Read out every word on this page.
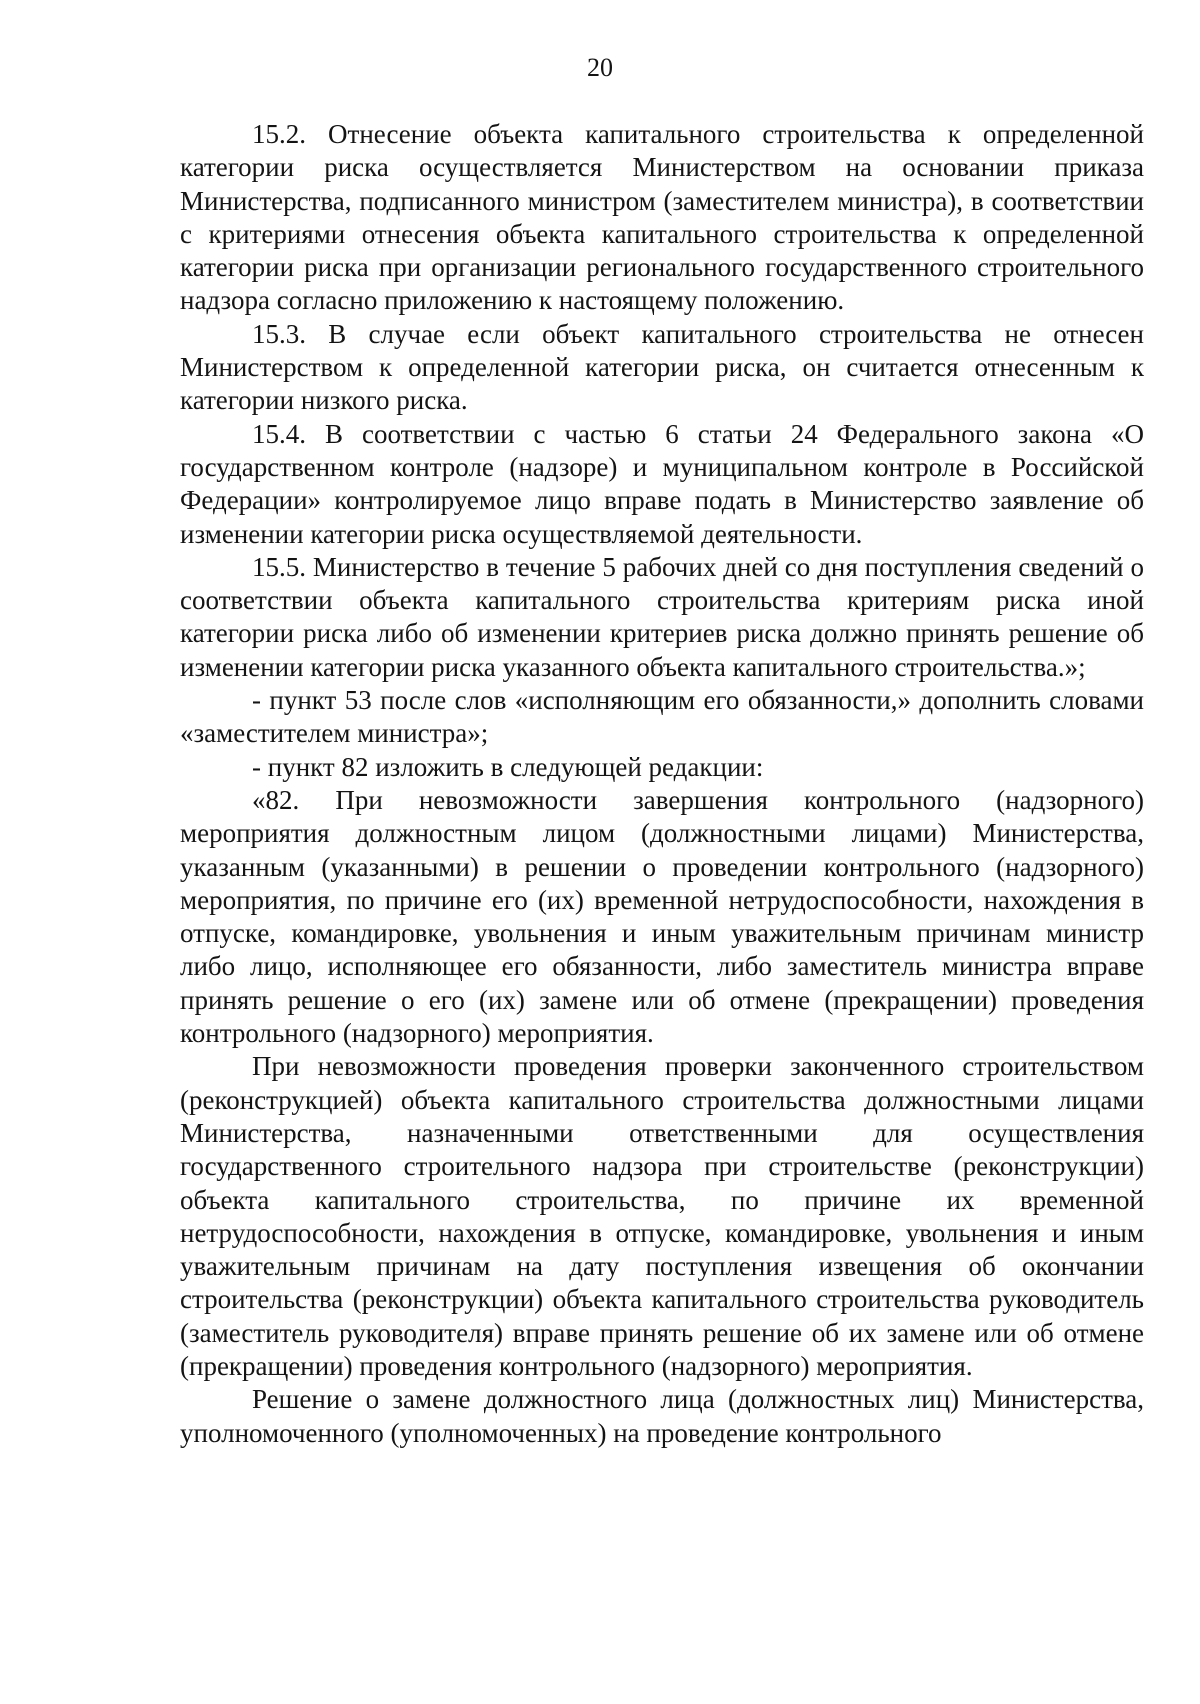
20

15.2. Отнесение объекта капитального строительства к определенной категории риска осуществляется Министерством на основании приказа Министерства, подписанного министром (заместителем министра), в соответствии с критериями отнесения объекта капитального строительства к определенной категории риска при организации регионального государственного строительного надзора согласно приложению к настоящему положению.

15.3. В случае если объект капитального строительства не отнесен Министерством к определенной категории риска, он считается отнесенным к категории низкого риска.

15.4. В соответствии с частью 6 статьи 24 Федерального закона «О государственном контроле (надзоре) и муниципальном контроле в Российской Федерации» контролируемое лицо вправе подать в Министерство заявление об изменении категории риска осуществляемой деятельности.

15.5. Министерство в течение 5 рабочих дней со дня поступления сведений о соответствии объекта капитального строительства критериям риска иной категории риска либо об изменении критериев риска должно принять решение об изменении категории риска указанного объекта капитального строительства.»;

- пункт 53 после слов «исполняющим его обязанности,» дополнить словами «заместителем министра»;

- пункт 82 изложить в следующей редакции:

«82. При невозможности завершения контрольного (надзорного) мероприятия должностным лицом (должностными лицами) Министерства, указанным (указанными) в решении о проведении контрольного (надзорного) мероприятия, по причине его (их) временной нетрудоспособности, нахождения в отпуске, командировке, увольнения и иным уважительным причинам министр либо лицо, исполняющее его обязанности, либо заместитель министра вправе принять решение о его (их) замене или об отмене (прекращении) проведения контрольного (надзорного) мероприятия.

При невозможности проведения проверки законченного строительством (реконструкцией) объекта капитального строительства должностными лицами Министерства, назначенными ответственными для осуществления государственного строительного надзора при строительстве (реконструкции) объекта капитального строительства, по причине их временной нетрудоспособности, нахождения в отпуске, командировке, увольнения и иным уважительным причинам на дату поступления извещения об окончании строительства (реконструкции) объекта капитального строительства руководитель (заместитель руководителя) вправе принять решение об их замене или об отмене (прекращении) проведения контрольного (надзорного) мероприятия.

Решение о замене должностного лица (должностных лиц) Министерства, уполномоченного (уполномоченных) на проведение контрольного
